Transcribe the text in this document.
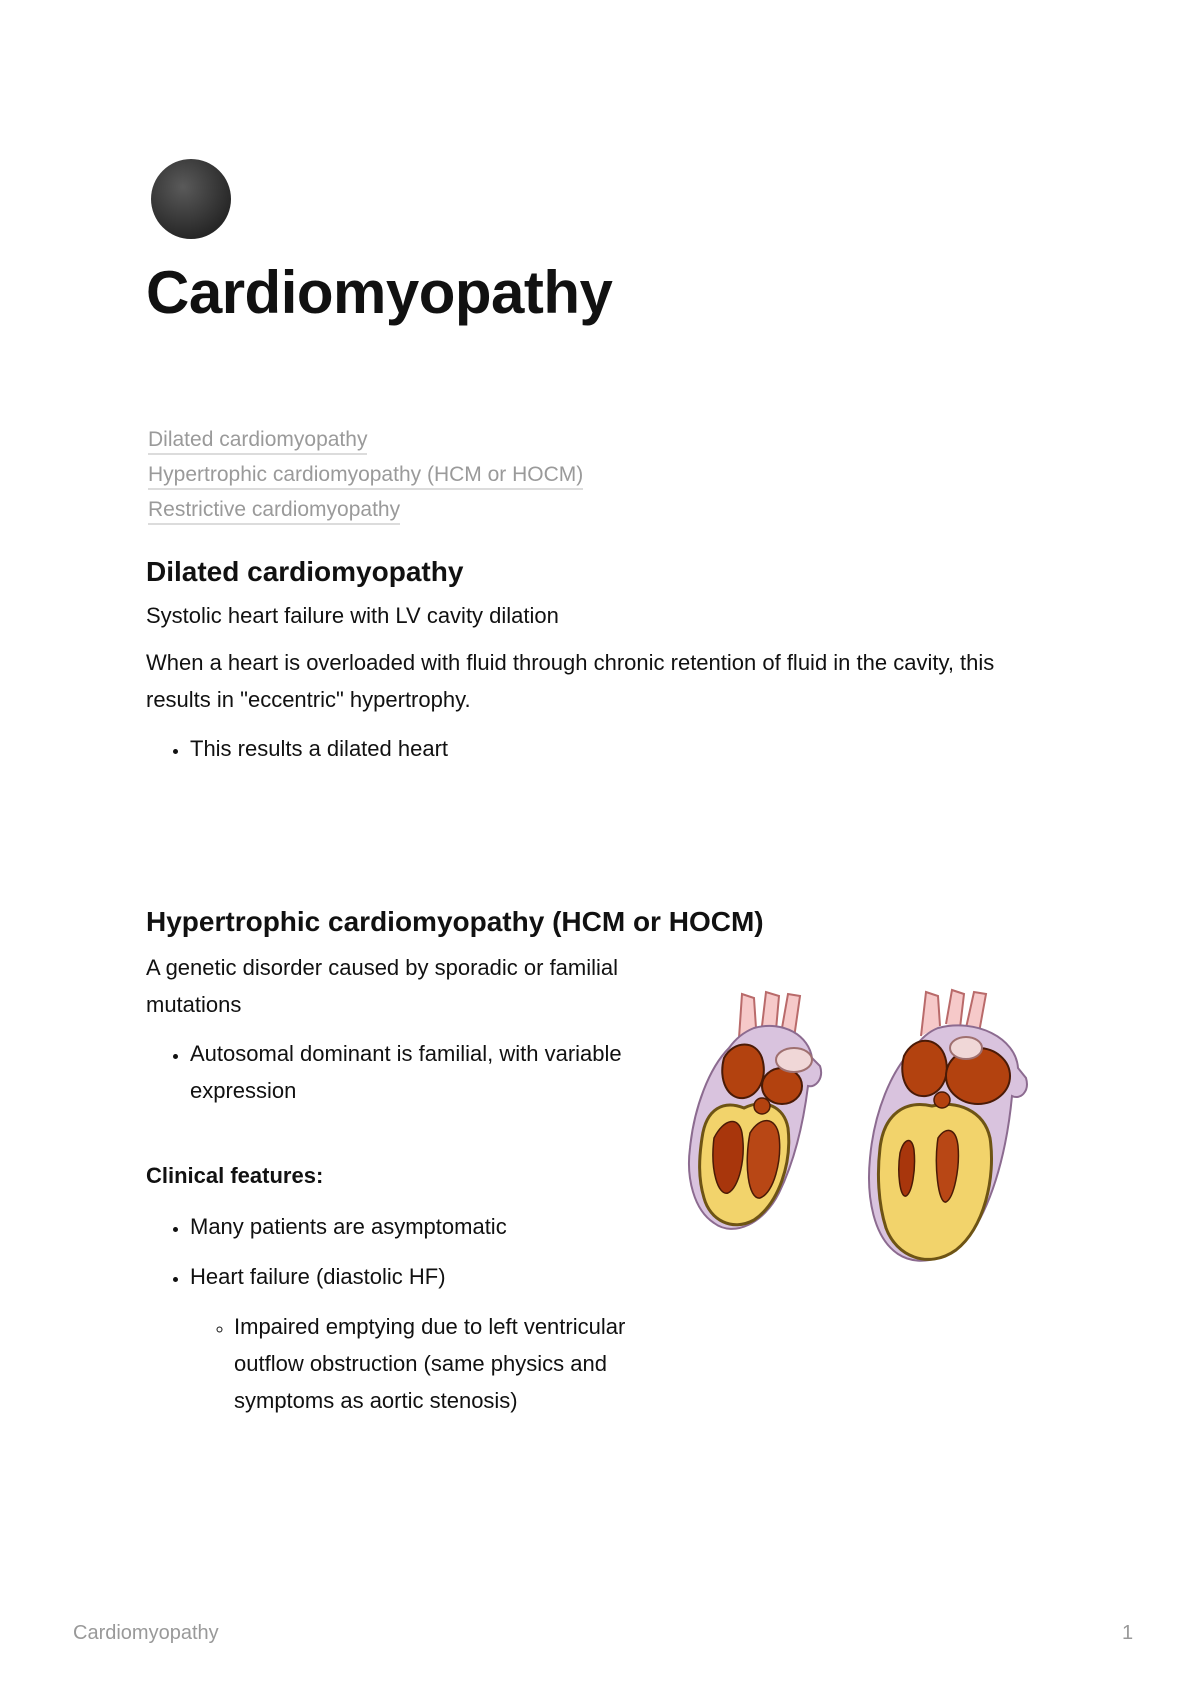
Cardiomyopathy
Dilated cardiomyopathy
Hypertrophic cardiomyopathy (HCM or HOCM)
Restrictive cardiomyopathy
Dilated cardiomyopathy

Systolic heart failure with LV cavity dilation

When a heart is overloaded with fluid through chronic retention of fluid in the cavity, this results in "eccentric" hypertrophy.

• This results a dilated heart
Hypertrophic cardiomyopathy (HCM or HOCM)

A genetic disorder caused by sporadic or familial mutations

• Autosomal dominant is familial, with variable expression

Clinical features:

• Many patients are asymptomatic
• Heart failure (diastolic HF)
◦ Impaired emptying due to left ventricular outflow obstruction (same physics and symptoms as aortic stenosis)
Cardiomyopathy	1
